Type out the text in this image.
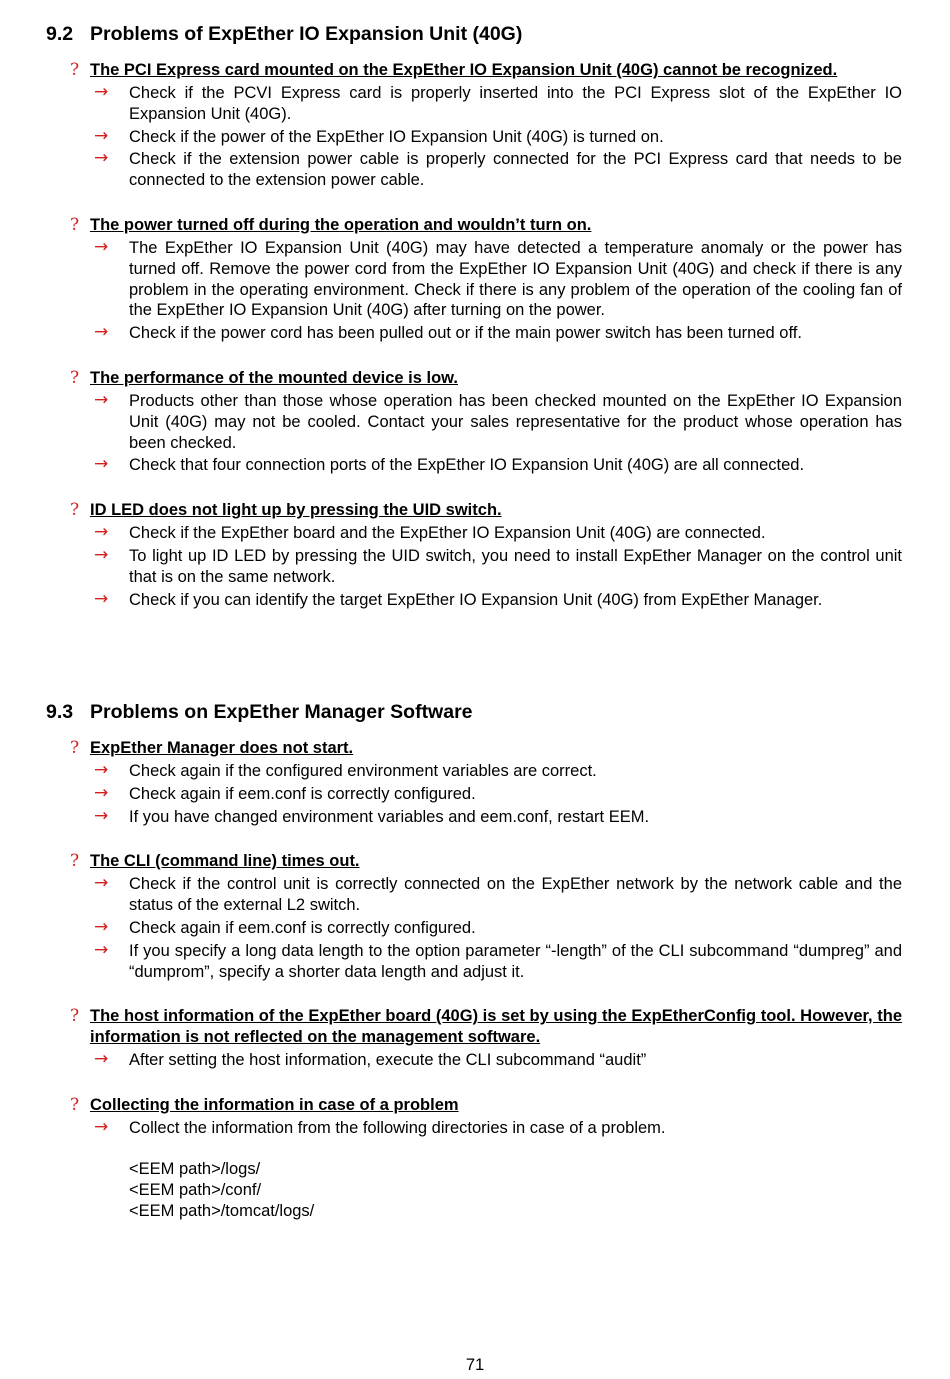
9.2 Problems of ExpEther IO Expansion Unit (40G)
? The PCI Express card mounted on the ExpEther IO Expansion Unit (40G) cannot be recognized.

→ Check if the PCVI Express card is properly inserted into the PCI Express slot of the ExpEther IO Expansion Unit (40G).
→ Check if the power of the ExpEther IO Expansion Unit (40G) is turned on.
→ Check if the extension power cable is properly connected for the PCI Express card that needs to be connected to the extension power cable.
? The power turned off during the operation and wouldn’t turn on.

→ The ExpEther IO Expansion Unit (40G) may have detected a temperature anomaly or the power has turned off. Remove the power cord from the ExpEther IO Expansion Unit (40G) and check if there is any problem in the operating environment. Check if there is any problem of the operation of the cooling fan of the ExpEther IO Expansion Unit (40G) after turning on the power.
→ Check if the power cord has been pulled out or if the main power switch has been turned off.
? The performance of the mounted device is low.

→ Products other than those whose operation has been checked mounted on the ExpEther IO Expansion Unit (40G) may not be cooled. Contact your sales representative for the product whose operation has been checked.
→ Check that four connection ports of the ExpEther IO Expansion Unit (40G) are all connected.
? ID LED does not light up by pressing the UID switch.

→ Check if the ExpEther board and the ExpEther IO Expansion Unit (40G) are connected.
→ To light up ID LED by pressing the UID switch, you need to install ExpEther Manager on the control unit that is on the same network.
→ Check if you can identify the target ExpEther IO Expansion Unit (40G) from ExpEther Manager.
9.3 Problems on ExpEther Manager Software
? ExpEther Manager does not start.

→ Check again if the configured environment variables are correct.
→ Check again if eem.conf is correctly configured.
→ If you have changed environment variables and eem.conf, restart EEM.
? The CLI (command line) times out.

→ Check if the control unit is correctly connected on the ExpEther network by the network cable and the status of the external L2 switch.
→ Check again if eem.conf is correctly configured.
→ If you specify a long data length to the option parameter “-length” of the CLI subcommand “dumpreg” and “dumprom”, specify a shorter data length and adjust it.
? The host information of the ExpEther board (40G) is set by using the ExpEtherConfig tool. However, the information is not reflected on the management software.

→ After setting the host information, execute the CLI subcommand “audit”
? Collecting the information in case of a problem

→ Collect the information from the following directories in case of a problem.
<EEM path>/logs/
<EEM path>/conf/
<EEM path>/tomcat/logs/
71
